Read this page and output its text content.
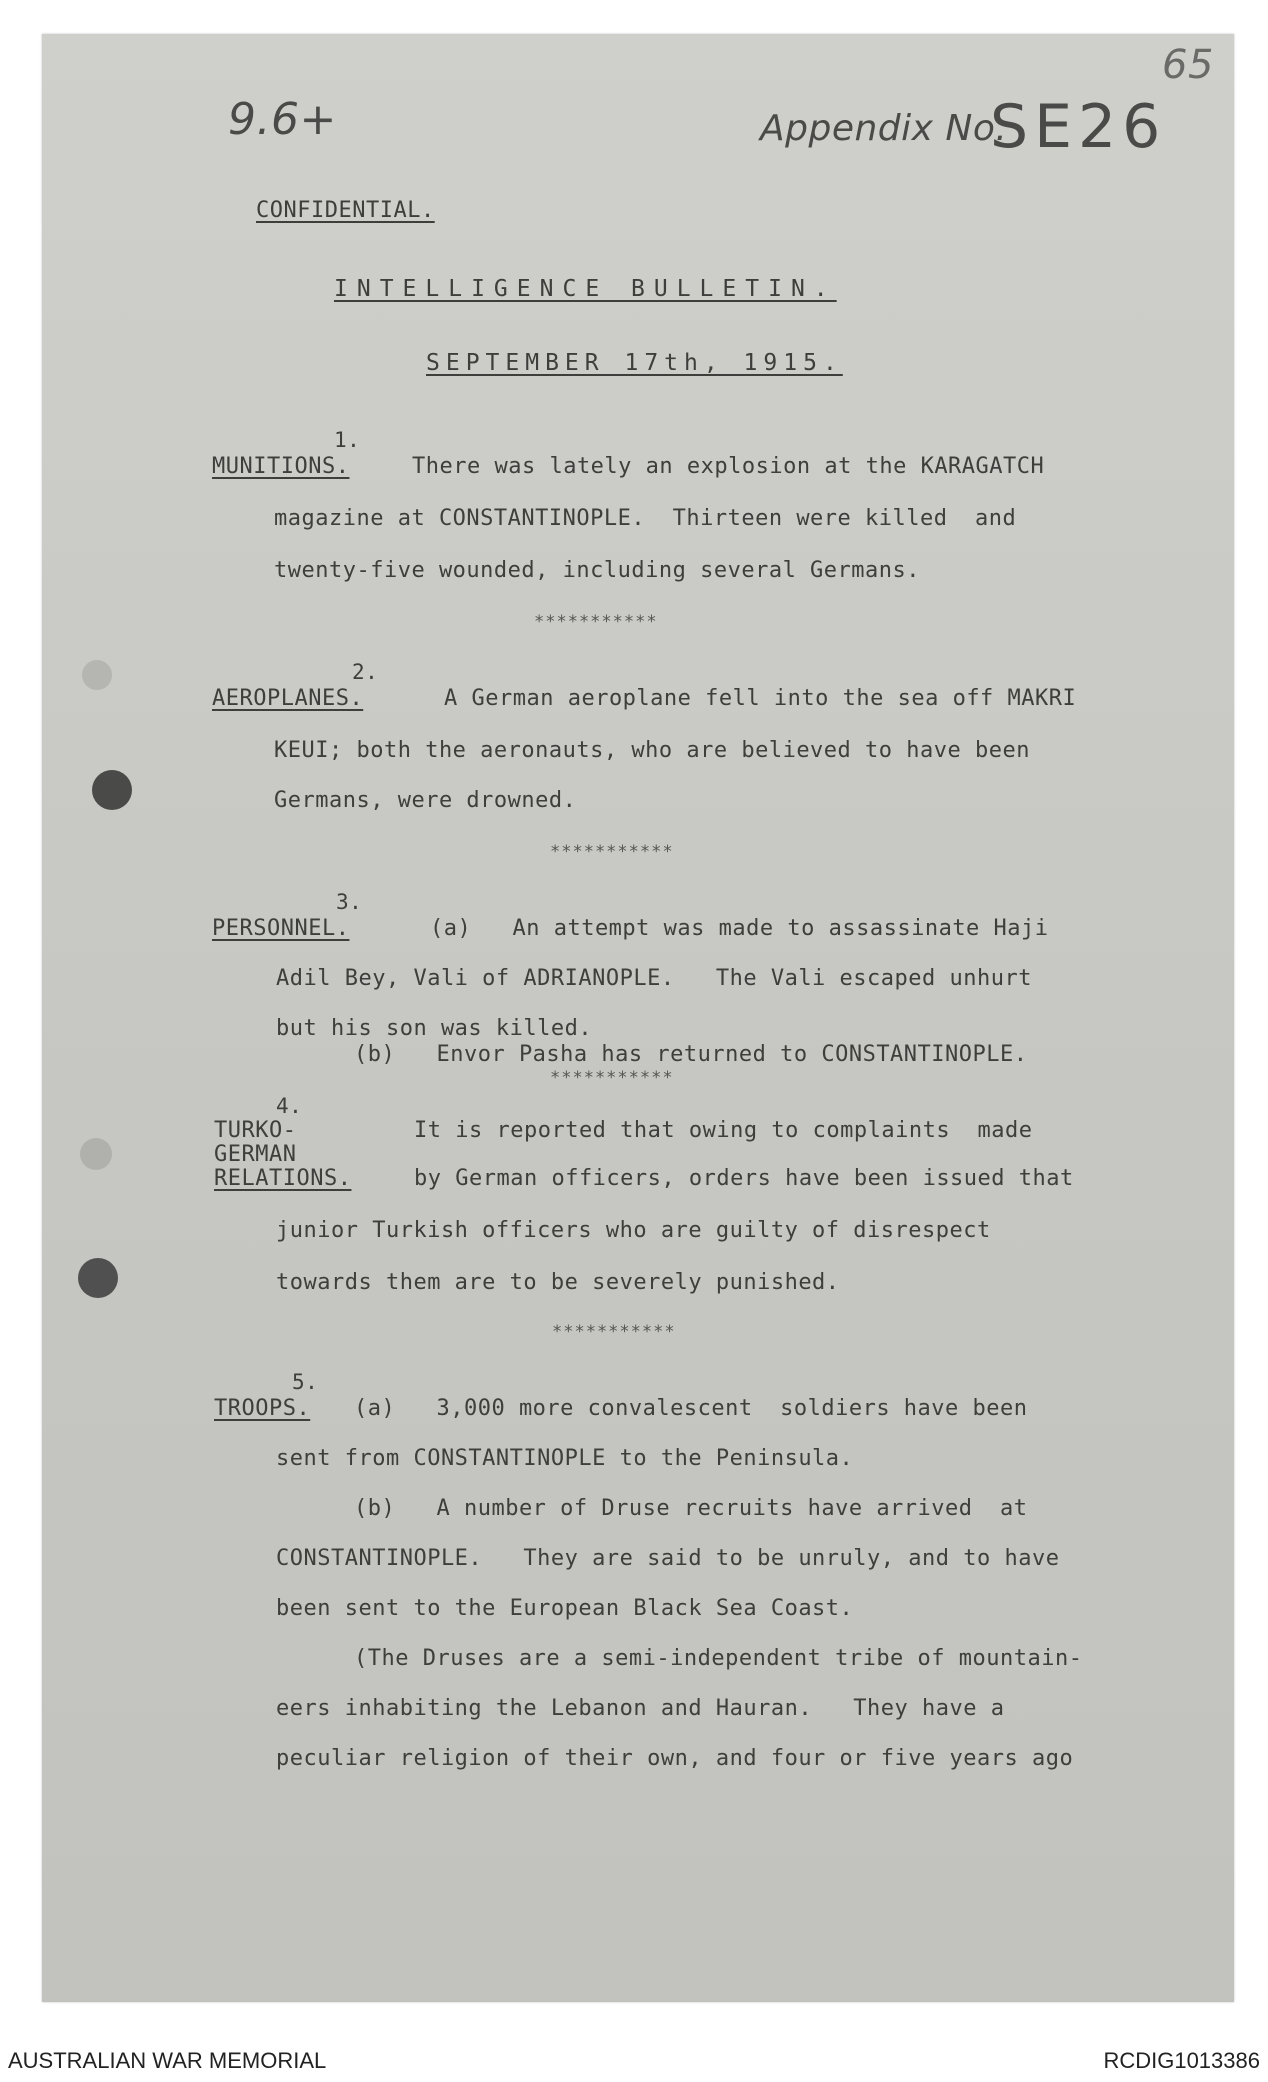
9.6+
65
Appendix No.
SE26
CONFIDENTIAL.
INTELLIGENCE BULLETIN.
SEPTEMBER 17th, 1915.
1.
MUNITIONS.	There was lately an explosion at the KARAGATCH
magazine at CONSTANTINOPLE.  Thirteen were killed  and
twenty-five wounded, including several Germans.
***********
2.
AEROPLANES.	A German aeroplane fell into the sea off MAKRI
KEUI; both the aeronauts, who are believed to have been
Germans, were drowned.
***********
3.
PERSONNEL.	(a)   An attempt was made to assassinate Haji
Adil Bey, Vali of ADRIANOPLE.   The Vali escaped unhurt
but his son was killed.
(b)   Envor Pasha has returned to CONSTANTINOPLE.
***********
4.
TURKO-
GERMAN
RELATIONS.
It is reported that owing to complaints  made
by German officers, orders have been issued that
junior Turkish officers who are guilty of disrespect
towards them are to be severely punished.
***********
5.
TROOPS. (a)   3,000 more convalescent  soldiers have been
sent from CONSTANTINOPLE to the Peninsula.
(b)   A number of Druse recruits have arrived  at
CONSTANTINOPLE.   They are said to be unruly, and to have
been sent to the European Black Sea Coast.
(The Druses are a semi-independent tribe of mountain-
eers inhabiting the Lebanon and Hauran.   They have a
peculiar religion of their own, and four or five years ago
AUSTRALIAN WAR MEMORIAL	RCDIG1013386
